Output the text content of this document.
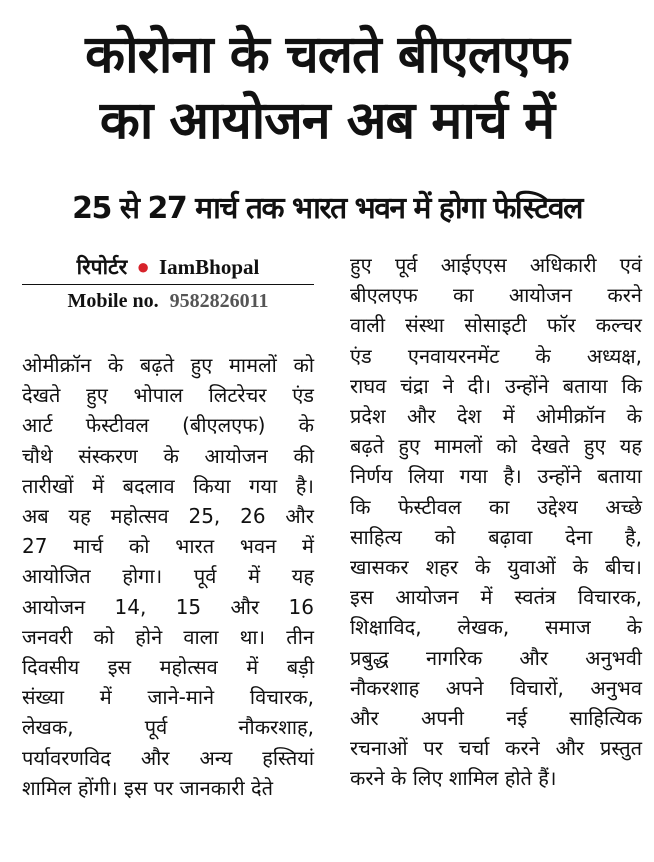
कोरोना के चलते बीएलएफ
का आयोजन अब मार्च में
25 से 27 मार्च तक भारत भवन में होगा फेस्टिवल
रिपोर्टर ● IamBhopal
Mobile no. 9582826011

ओमीक्रॉन के बढ़ते हुए मामलों को

देखते हुए भोपाल लिटरेचर एंड

आर्ट फेस्टीवल (बीएलएफ) के

चौथे संस्करण के आयोजन की

तारीखों में बदलाव किया गया है।

अब यह महोत्सव 25, 26 और

27 मार्च को भारत भवन में

आयोजित होगा। पूर्व में यह

आयोजन 14, 15 और 16

जनवरी को होने वाला था। तीन

दिवसीय इस महोत्सव में बड़ी

संख्या में जाने-माने विचारक,

लेखक, पूर्व नौकरशाह,

पर्यावरणविद और अन्य हस्तियां

शामिल होंगी। इस पर जानकारी देते

हुए पूर्व आईएएस अधिकारी एवं

बीएलएफ का आयोजन करने

वाली संस्था सोसाइटी फॉर कल्चर

एंड एनवायरनमेंट के अध्यक्ष,

राघव चंद्रा ने दी। उन्होंने बताया कि

प्रदेश और देश में ओमीक्रॉन के

बढ़ते हुए मामलों को देखते हुए यह

निर्णय लिया गया है। उन्होंने बताया

कि फेस्टीवल का उद्देश्य अच्छे

साहित्य को बढ़ावा देना है,

खासकर शहर के युवाओं के बीच।

इस आयोजन में स्वतंत्र विचारक,

शिक्षाविद, लेखक, समाज के

प्रबुद्ध नागरिक और अनुभवी

नौकरशाह अपने विचारों, अनुभव

और अपनी नई साहित्यिक

रचनाओं पर चर्चा करने और प्रस्तुत

करने के लिए शामिल होते हैं।
